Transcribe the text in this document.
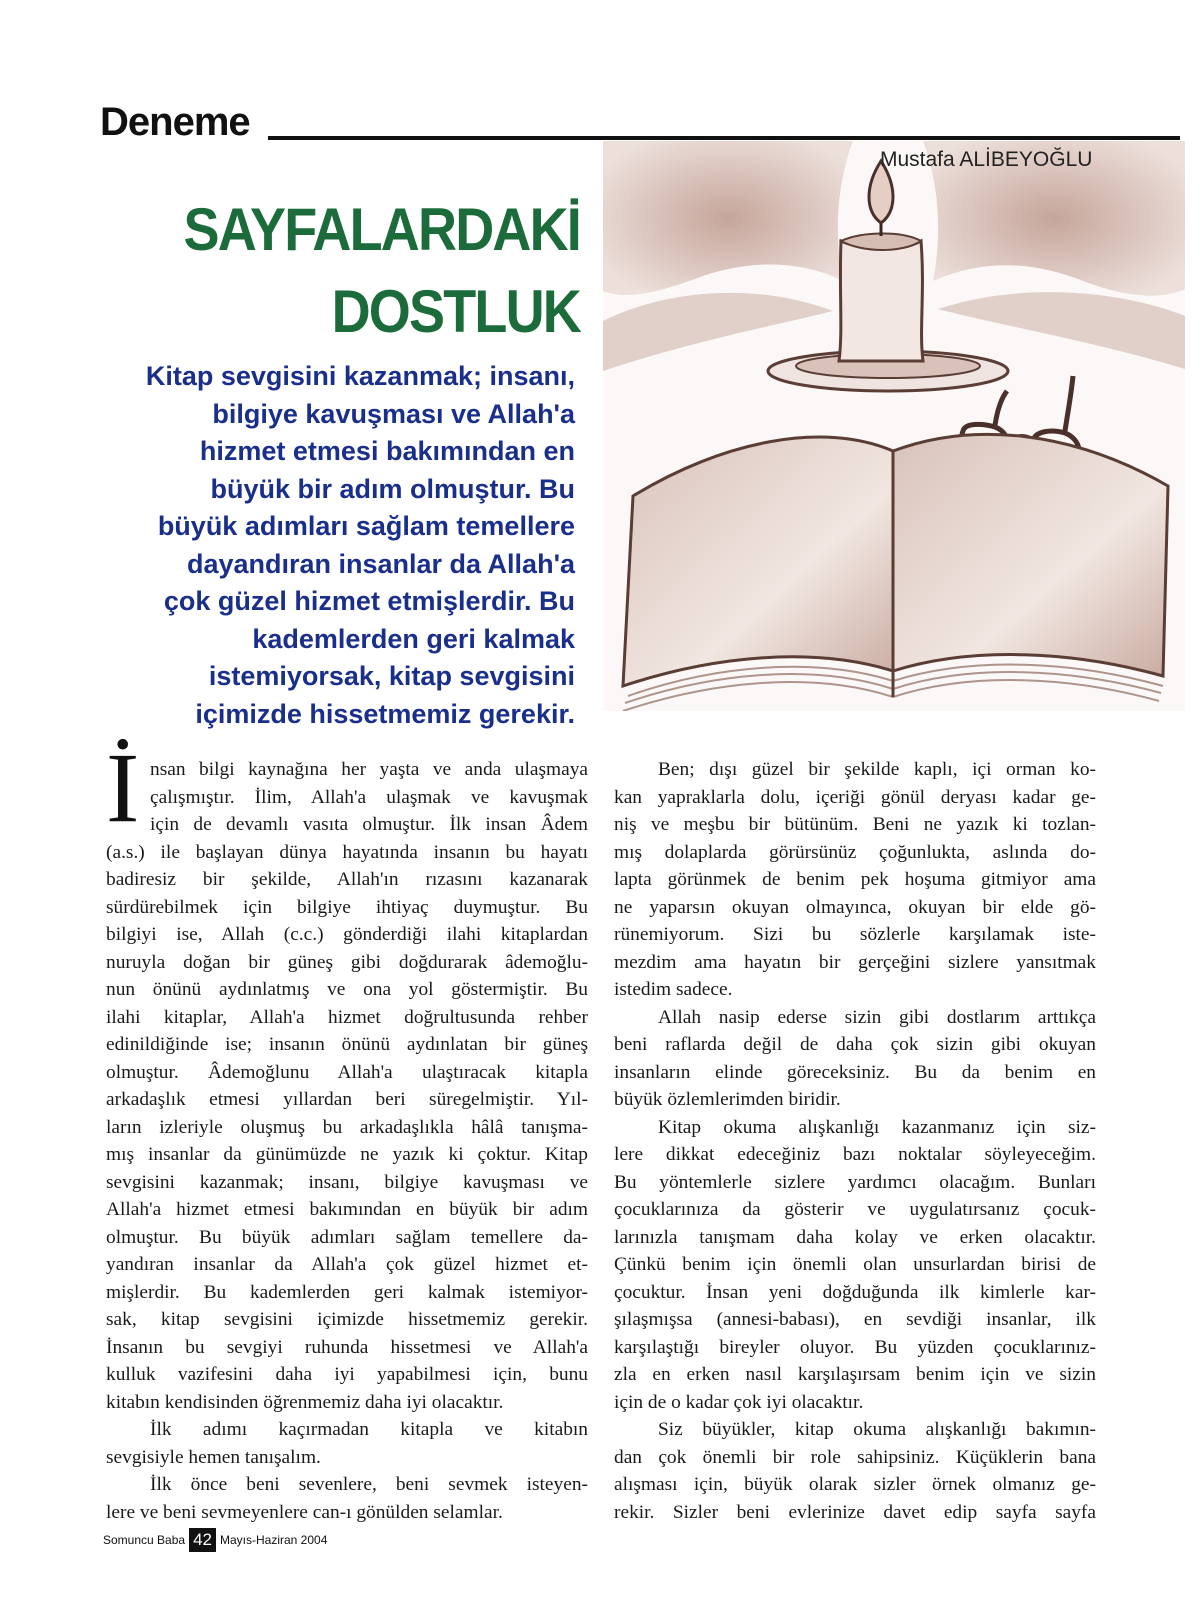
Deneme
Mustafa ALİBEYOĞLU
SAYFALARDAKİ
DOSTLUK
Kitap sevgisini kazanmak; insanı,
bilgiye kavuşması ve Allah'a
hizmet etmesi bakımından en
büyük bir adım olmuştur. Bu
büyük adımları sağlam temellere
dayandıran insanlar da Allah'a
çok güzel hizmet etmişlerdir. Bu
kademlerden geri kalmak
istemiyorsak, kitap sevgisini
içimizde hissetmemiz gerekir.
İ nsan bilgi kaynağına her yaşta ve anda ulaşmaya
çalışmıştır. İlim, Allah'a ulaşmak ve kavuşmak
için de devamlı vasıta olmuştur. İlk insan Âdem
(a.s.) ile başlayan dünya hayatında insanın bu hayatı
badiresiz bir şekilde, Allah'ın rızasını kazanarak
sürdürebilmek için bilgiye ihtiyaç duymuştur. Bu
bilgiyi ise, Allah (c.c.) gönderdiği ilahi kitaplardan
nuruyla doğan bir güneş gibi doğdurarak âdemoğlu-
nun önünü aydınlatmış ve ona yol göstermiştir. Bu
ilahi kitaplar, Allah'a hizmet doğrultusunda rehber
edinildiğinde ise; insanın önünü aydınlatan bir güneş
olmuştur. Âdemoğlunu Allah'a ulaştıracak kitapla
arkadaşlık etmesi yıllardan beri süregelmiştir. Yıl-
ların izleriyle oluşmuş bu arkadaşlıkla hâlâ tanışma-
mış insanlar da günümüzde ne yazık ki çoktur. Kitap
sevgisini kazanmak; insanı, bilgiye kavuşması ve
Allah'a hizmet etmesi bakımından en büyük bir adım
olmuştur. Bu büyük adımları sağlam temellere da-
yandıran insanlar da Allah'a çok güzel hizmet et-
mişlerdir. Bu kademlerden geri kalmak istemiyor-
sak, kitap sevgisini içimizde hissetmemiz gerekir.
İnsanın bu sevgiyi ruhunda hissetmesi ve Allah'a
kulluk vazifesini daha iyi yapabilmesi için, bunu
kitabın kendisinden öğrenmemiz daha iyi olacaktır.
İlk adımı kaçırmadan kitapla ve kitabın
sevgisiyle hemen tanışalım.
İlk önce beni sevenlere, beni sevmek isteyen-
lere ve beni sevmeyenlere can-ı gönülden selamlar.
Ben; dışı güzel bir şekilde kaplı, içi orman ko-
kan yapraklarla dolu, içeriği gönül deryası kadar ge-
niş ve meşbu bir bütünüm. Beni ne yazık ki tozlan-
mış dolaplarda görürsünüz çoğunlukta, aslında do-
lapta görünmek de benim pek hoşuma gitmiyor ama
ne yaparsın okuyan olmayınca, okuyan bir elde gö-
rünemiyorum. Sizi bu sözlerle karşılamak iste-
mezdim ama hayatın bir gerçeğini sizlere yansıtmak
istedim sadece.
Allah nasip ederse sizin gibi dostlarım arttıkça
beni raflarda değil de daha çok sizin gibi okuyan
insanların elinde göreceksiniz. Bu da benim en
büyük özlemlerimden biridir.
Kitap okuma alışkanlığı kazanmanız için siz-
lere dikkat edeceğiniz bazı noktalar söyleyeceğim.
Bu yöntemlerle sizlere yardımcı olacağım. Bunları
çocuklarınıza da gösterir ve uygulatırsanız çocuk-
larınızla tanışmam daha kolay ve erken olacaktır.
Çünkü benim için önemli olan unsurlardan birisi de
çocuktur. İnsan yeni doğduğunda ilk kimlerle kar-
şılaşmışsa (annesi-babası), en sevdiği insanlar, ilk
karşılaştığı bireyler oluyor. Bu yüzden çocuklarınız-
zla en erken nasıl karşılaşırsam benim için ve sizin
için de o kadar çok iyi olacaktır.
Siz büyükler, kitap okuma alışkanlığı bakımın-
dan çok önemli bir role sahipsiniz. Küçüklerin bana
alışması için, büyük olarak sizler örnek olmanız ge-
rekir. Sizler beni evlerinize davet edip sayfa sayfa
Somuncu Baba 42 Mayıs-Haziran 2004
